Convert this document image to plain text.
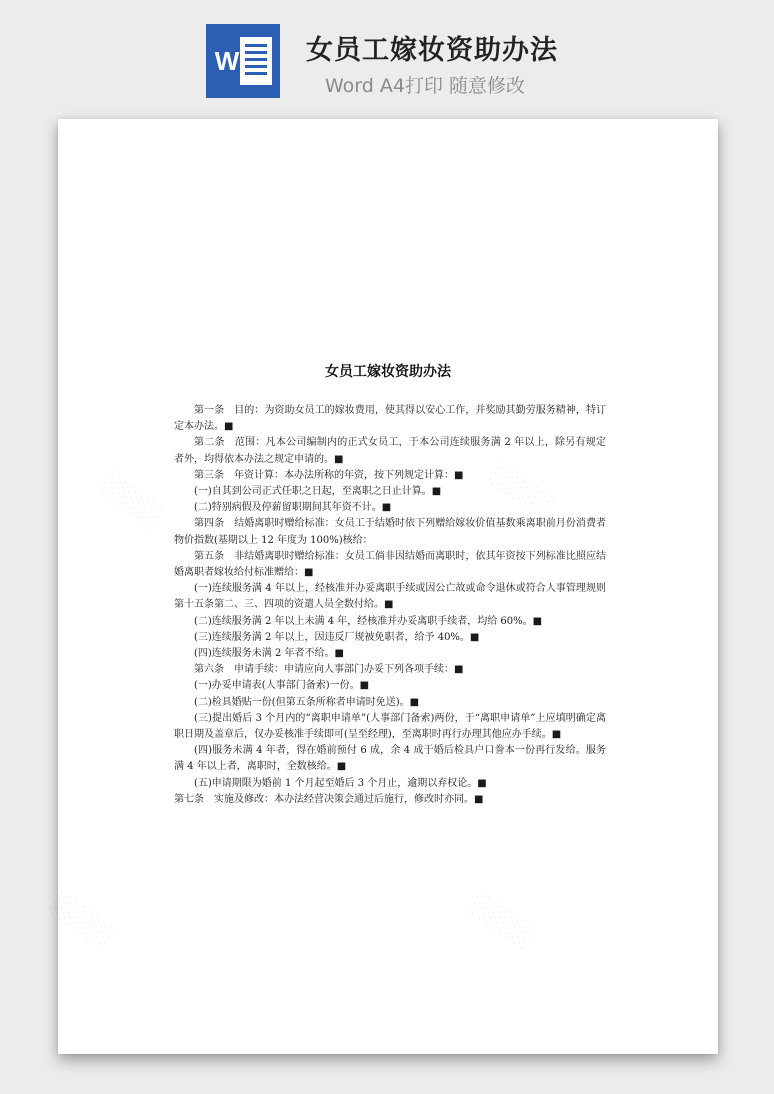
W 女员工嫁妆资助办法
Word A4打印 随意修改
女员工嫁妆资助办法

第一条　目的：为资助女员工的嫁妆费用，使其得以安心工作，并奖励其勤劳服务精神，特订定本办法。■

第二条　范围：凡本公司编制内的正式女员工，于本公司连续服务满 2 年以上，除另有规定者外，均得依本办法之规定申请的。■

第三条　年资计算：本办法所称的年资，按下列规定计算：■

(一)自其到公司正式任职之日起，至离职之日止计算。■

(二)特别病假及停薪留职期间其年资不计。■

第四条　结婚离职时赠给标准：女员工于结婚时依下列赠给嫁妆价值基数乘离职前月份消费者物价指数(基期以上 12 年度为 100%)核给：

第五条　非结婚离职时赠给标准：女员工倘非因结婚而离职时，依其年资按下列标准比照应结婚离职者嫁妆给付标准赠给：■

(一)连续服务满 4 年以上，经核准并办妥离职手续或因公亡故或命令退休或符合人事管理规则第十五条第二、三、四项的资遣人员全数付给。■

(二)连续服务满 2 年以上未满 4 年，经核准并办妥离职手续者，均给 60%。■

(三)连续服务满 2 年以上，因违反厂规被免职者，给予 40%。■

(四)连续服务未满 2 年者不给。■

第六条　申请手续：申请应向人事部门办妥下列各项手续：■

(一)办妥申请表(人事部门备索)一份。■

(二)检具婚贴一份(但第五条所称者申请时免送)。■

(三)提出婚后 3 个月内的“离职申请单”(人事部门备索)两份，于“离职申请单”上应填明确定离职日期及盖章后，仅办妥核准手续即可(呈至经理)，至离职时再行办理其他应办手续。■

(四)服务未满 4 年者，得在婚前预付 6 成，余 4 成于婚后检具户口誊本一份再行发给。服务满 4 年以上者，离职时，全数核给。■

(五)申请期限为婚前 1 个月起至婚后 3 个月止，逾期以弃权论。■

第七条　实施及修改：本办法经营决策会通过后施行，修改时亦同。■
